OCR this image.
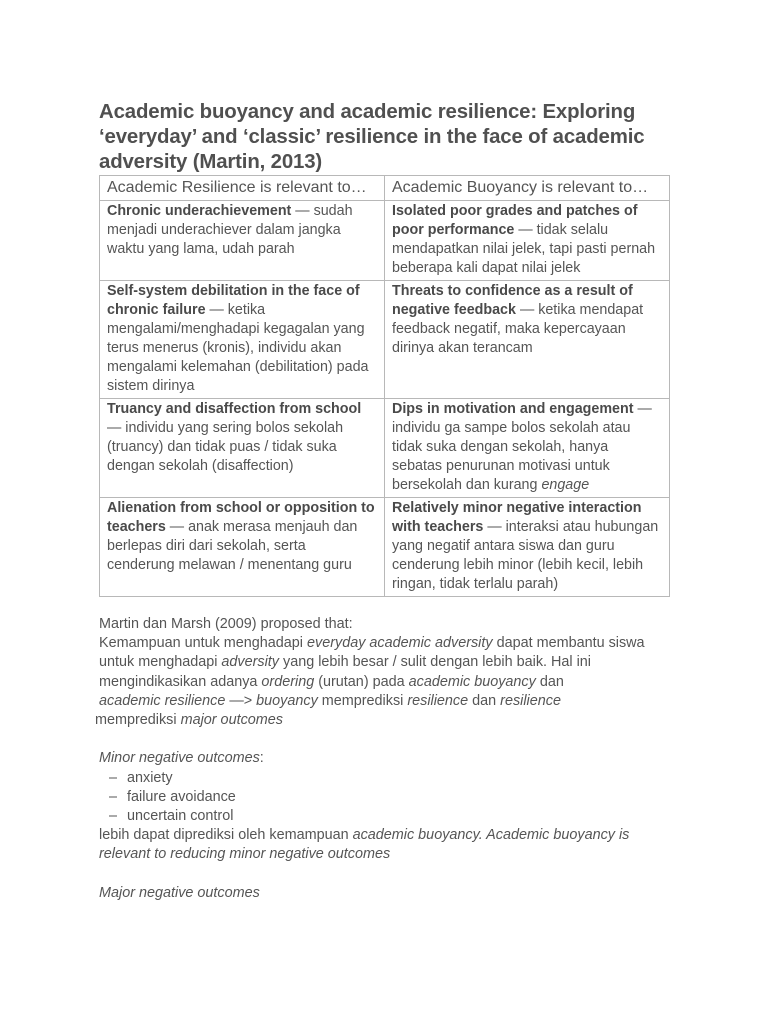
Academic buoyancy and academic resilience: Exploring ‘everyday’ and ‘classic’ resilience in the face of academic adversity (Martin, 2013)
Academic Resilience is relevant to…	Academic Buoyancy is relevant to…
Chronic underachievement — sudah menjadi underachiever dalam jangka waktu yang lama, udah parah	Isolated poor grades and patches of poor performance — tidak selalu mendapatkan nilai jelek, tapi pasti pernah beberapa kali dapat nilai jelek
Self-system debilitation in the face of chronic failure — ketika mengalami/menghadapi kegagalan yang terus menerus (kronis), individu akan mengalami kelemahan (debilitation) pada sistem dirinya	Threats to confidence as a result of negative feedback — ketika mendapat feedback negatif, maka kepercayaan dirinya akan terancam
Truancy and disaffection from school — individu yang sering bolos sekolah (truancy) dan tidak puas / tidak suka dengan sekolah (disaffection)	Dips in motivation and engagement — individu ga sampe bolos sekolah atau tidak suka dengan sekolah, hanya sebatas penurunan motivasi untuk bersekolah dan kurang engage
Alienation from school or opposition to teachers — anak merasa menjauh dan berlepas diri dari sekolah, serta cenderung melawan / menentang guru	Relatively minor negative interaction with teachers — interaksi atau hubungan yang negatif antara siswa dan guru cenderung lebih minor (lebih kecil, lebih ringan, tidak terlalu parah)

Martin dan Marsh (2009) proposed that:
Kemampuan untuk menghadapi everyday academic adversity dapat membantu siswa untuk menghadapi adversity yang lebih besar / sulit dengan lebih baik. Hal ini mengindikasikan adanya ordering (urutan) pada academic buoyancy dan
academic resilience —> buoyancy memprediksi resilience dan resilience
memprediksi major outcomes

Minor negative outcomes:

– anxiety
– failure avoidance
– uncertain control

lebih dapat diprediksi oleh kemampuan academic buoyancy. Academic buoyancy is relevant to reducing minor negative outcomes

Major negative outcomes
